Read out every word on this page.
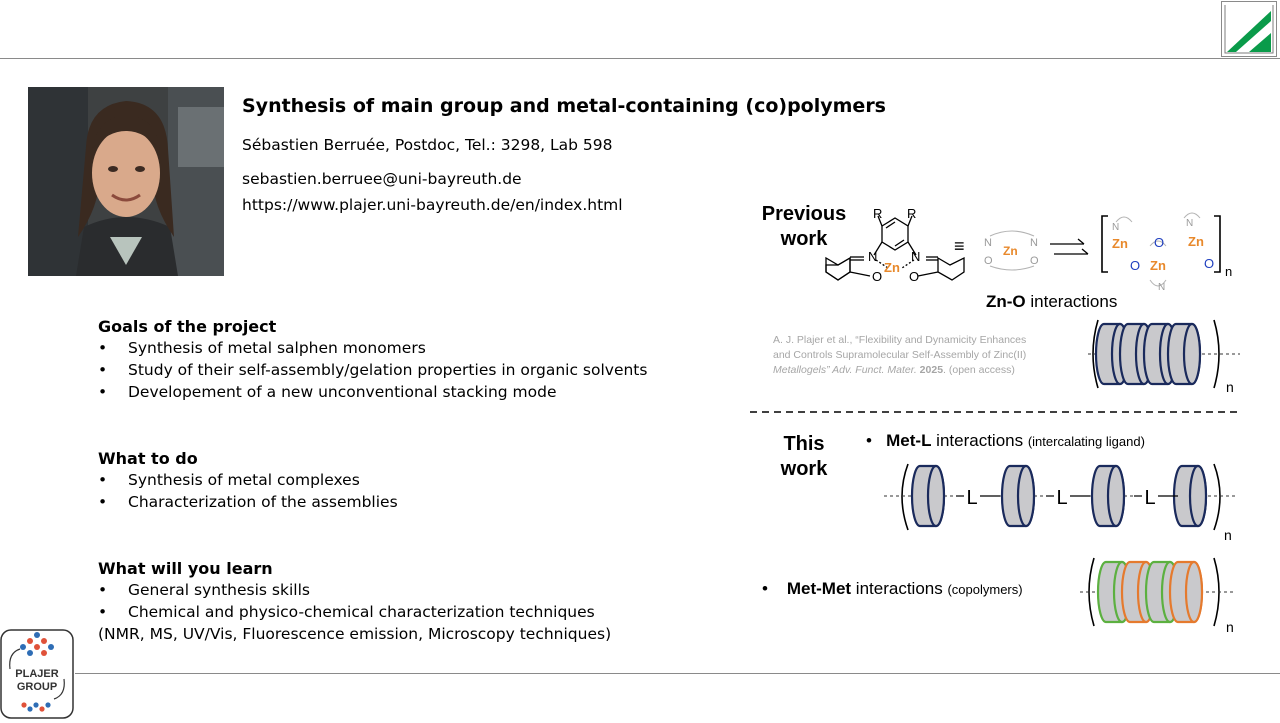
Synthesis of main group and metal-containing (co)polymers
Sébastien Berruée, Postdoc, Tel.: 3298, Lab 598
sebastien.berruee@uni-bayreuth.de
https://www.plajer.uni-bayreuth.de/en/index.html
Goals of the project
• Synthesis of metal salphen monomers
• Study of their self-assembly/gelation properties in organic solvents
• Developement of a new unconventional stacking mode
What to do
• Synthesis of metal complexes
• Characterization of the assemblies
What will you learn
• General synthesis skills
• Chemical and physico-chemical characterization techniques
(NMR, MS, UV/Vis, Fluorescence emission, Microscopy techniques)
PLAJER
GROUP
Previous
work
R R
N	N
Zn
O O
≡ N	N
O	O
Zn
N	N
N
Zn
Zn
Zn
O
O	O
n
Zn-O interactions
A. J. Plajer et al., “Flexibility and Dynamicity Enhances
and Controls Supramolecular Self-Assembly of Zinc(II)
Metallogels” Adv. Funct. Mater. 2025. (open access)
n
This
work
• Met-L interactions (intercalating ligand)
L	L	L
n
• Met-Met interactions (copolymers)
n
